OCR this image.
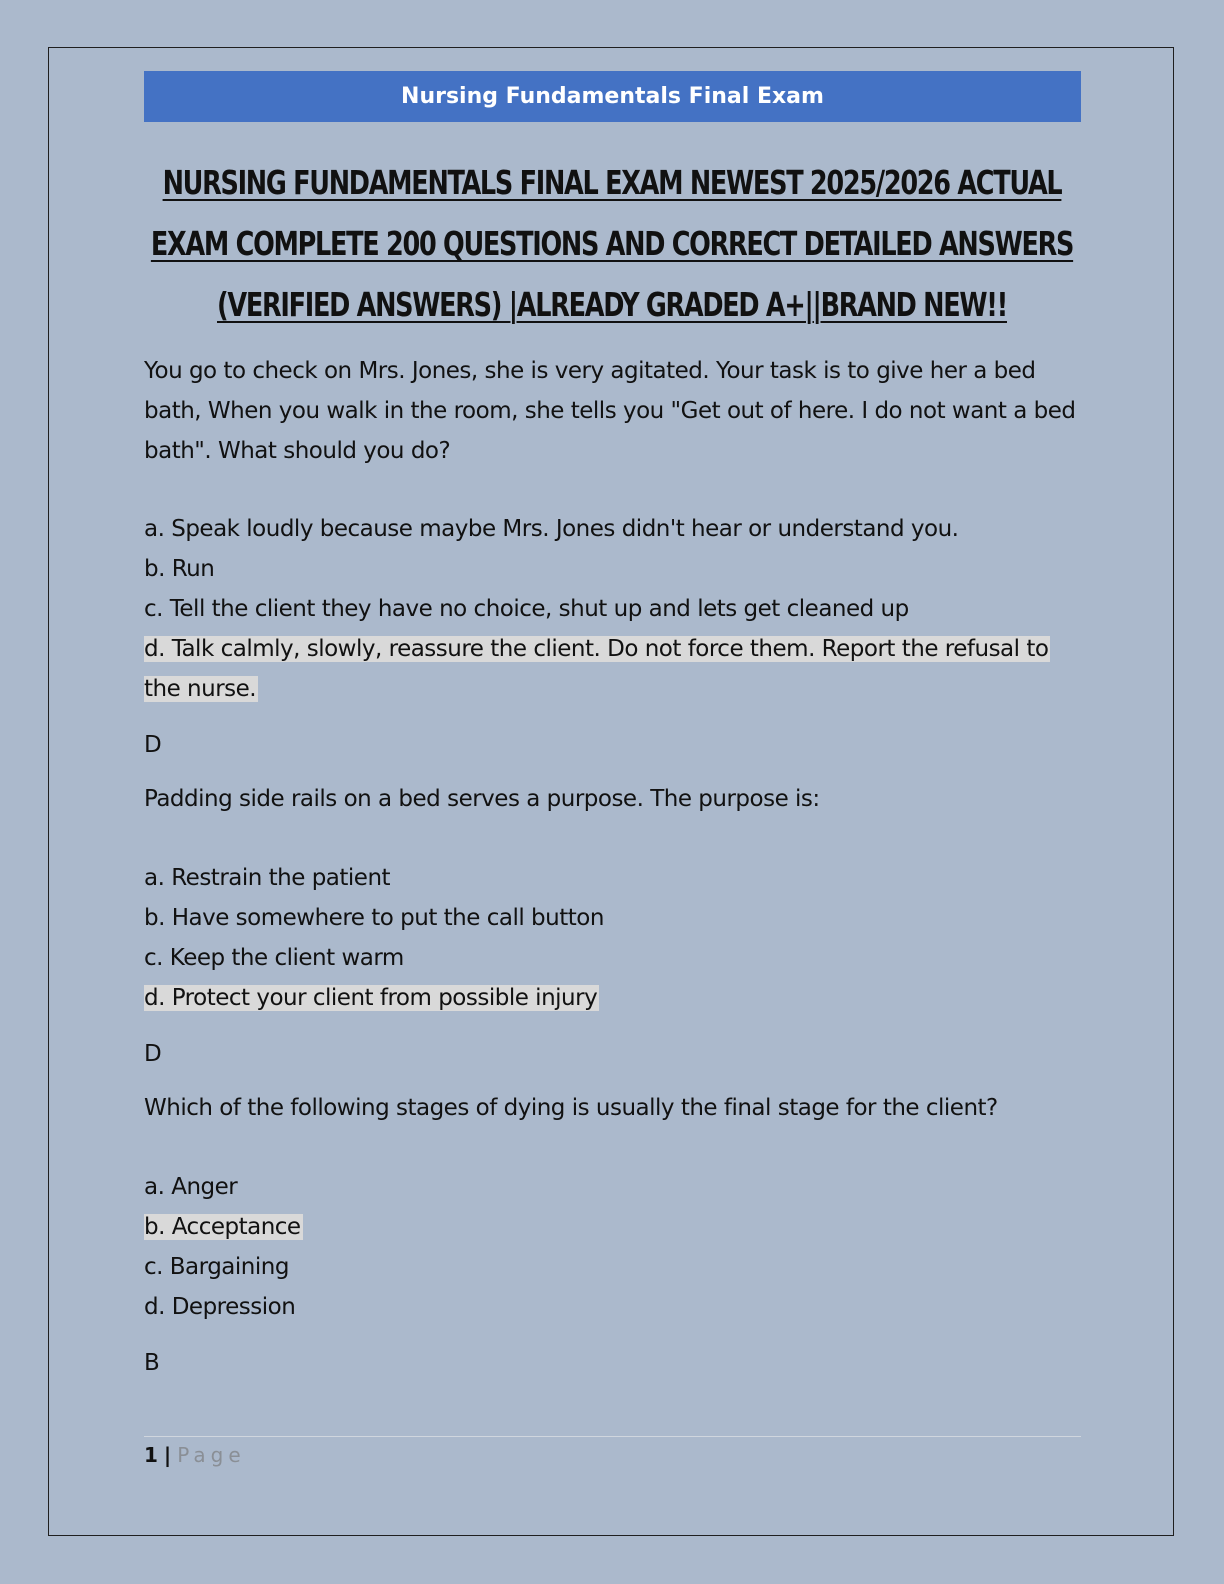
Nursing Fundamentals Final Exam
NURSING FUNDAMENTALS FINAL EXAM NEWEST 2025/2026 ACTUAL EXAM COMPLETE 200 QUESTIONS AND CORRECT DETAILED ANSWERS (VERIFIED ANSWERS) |ALREADY GRADED A+||BRAND NEW!!

You go to check on Mrs. Jones, she is very agitated. Your task is to give her a bed bath, When you walk in the room, she tells you "Get out of here. I do not want a bed bath". What should you do?

a. Speak loudly because maybe Mrs. Jones didn't hear or understand you.

b. Run

c. Tell the client they have no choice, shut up and lets get cleaned up

d. Talk calmly, slowly, reassure the client. Do not force them. Report the refusal to the nurse.

D

Padding side rails on a bed serves a purpose. The purpose is:

a. Restrain the patient

b. Have somewhere to put the call button

c. Keep the client warm

d. Protect your client from possible injury

D

Which of the following stages of dying is usually the final stage for the client?

a. Anger

b. Acceptance

c. Bargaining

d. Depression

B

1 | Page
